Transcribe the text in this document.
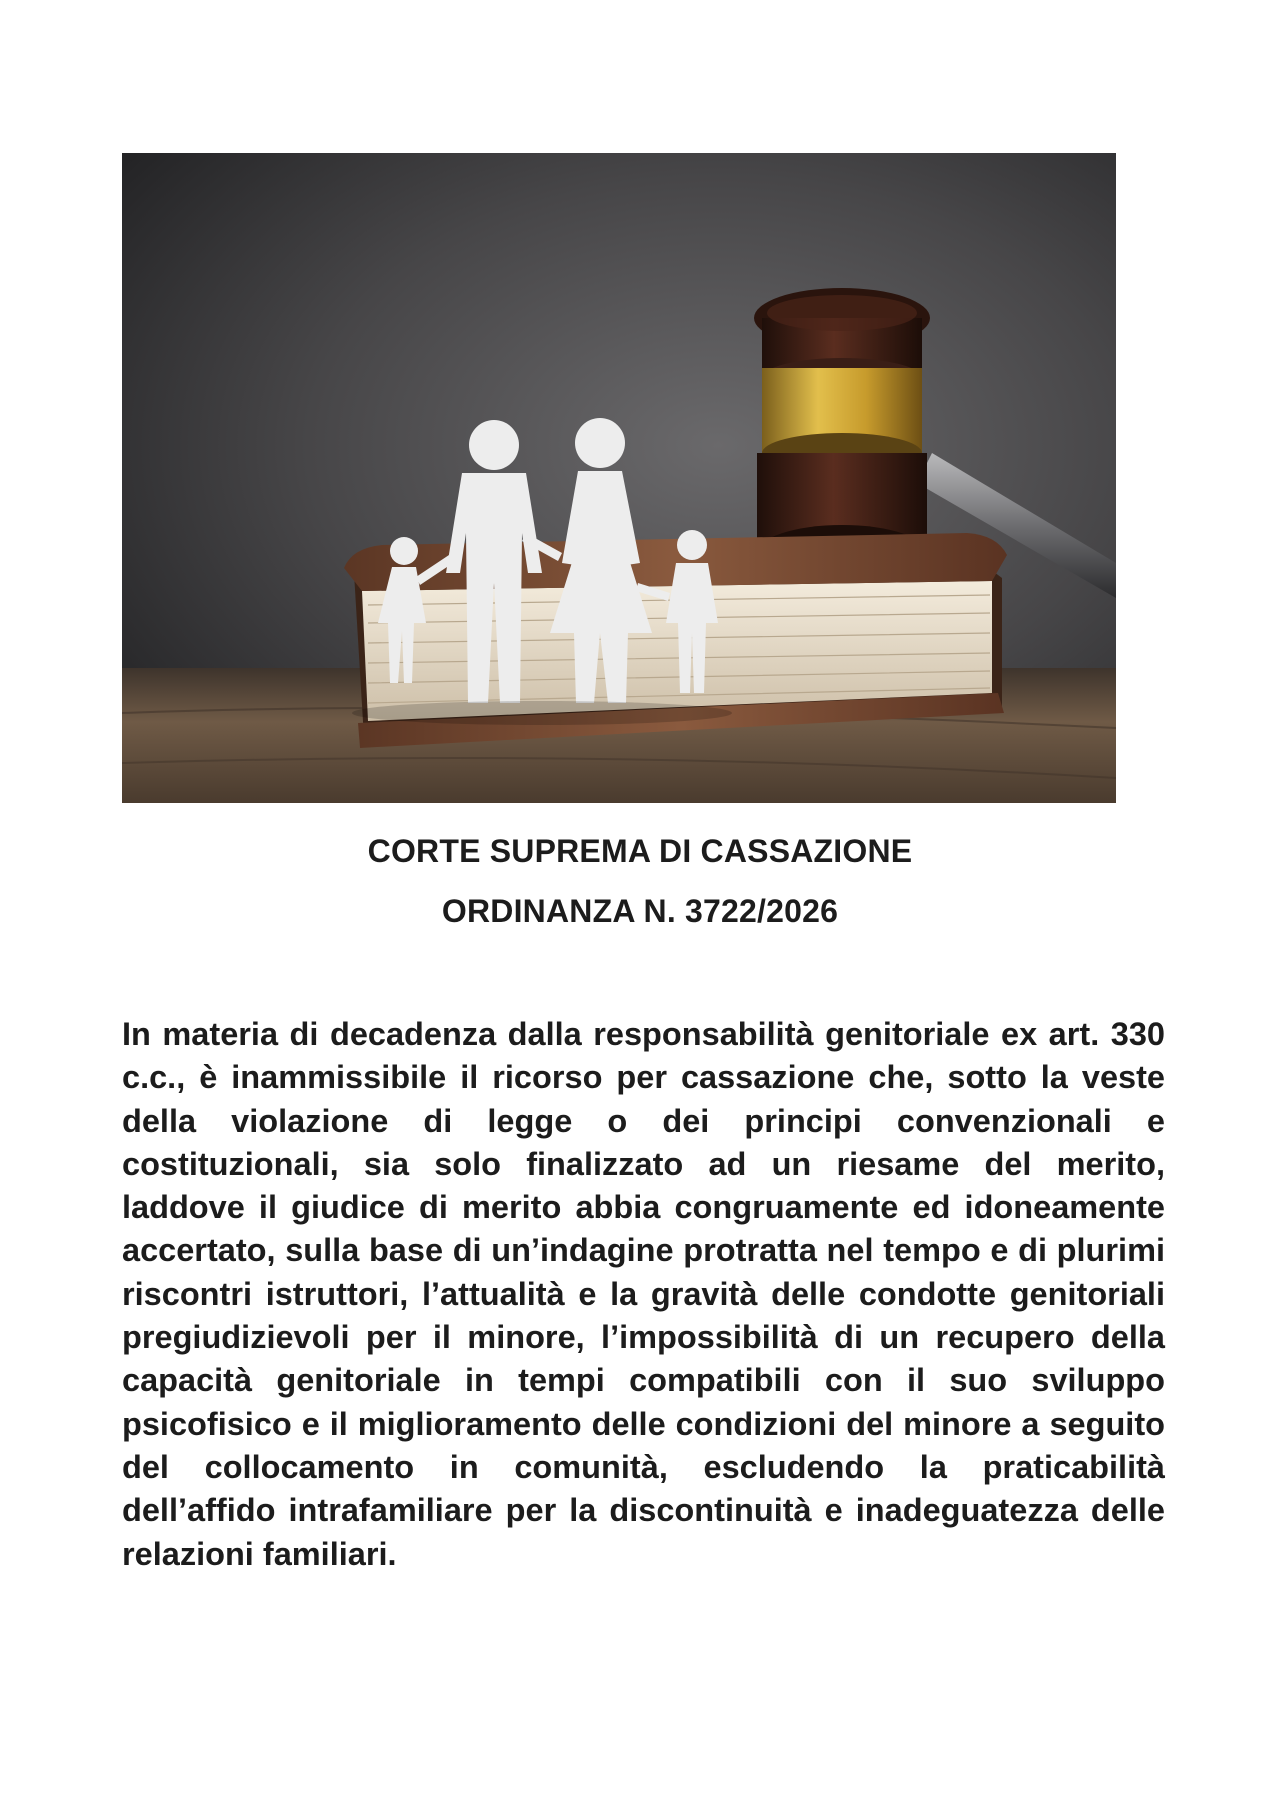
CORTE SUPREMA DI CASSAZIONE
ORDINANZA N. 3722/2026

In materia di decadenza dalla responsabilità genitoriale ex art. 330 c.c., è inammissibile il ricorso per cassazione che, sotto la veste della violazione di legge o dei principi convenzionali e costituzionali, sia solo finalizzato ad un riesame del merito, laddove il giudice di merito abbia congruamente ed idoneamente accertato, sulla base di un’indagine protratta nel tempo e di plurimi riscontri istruttori, l’attualità e la gravità delle condotte genitoriali pregiudizievoli per il minore, l’impossibilità di un recupero della capacità genitoriale in tempi compatibili con il suo sviluppo psicofisico e il miglioramento delle condizioni del minore a seguito del collocamento in comunità, escludendo la praticabilità dell’affido intrafamiliare per la discontinuità e inadeguatezza delle relazioni familiari.
